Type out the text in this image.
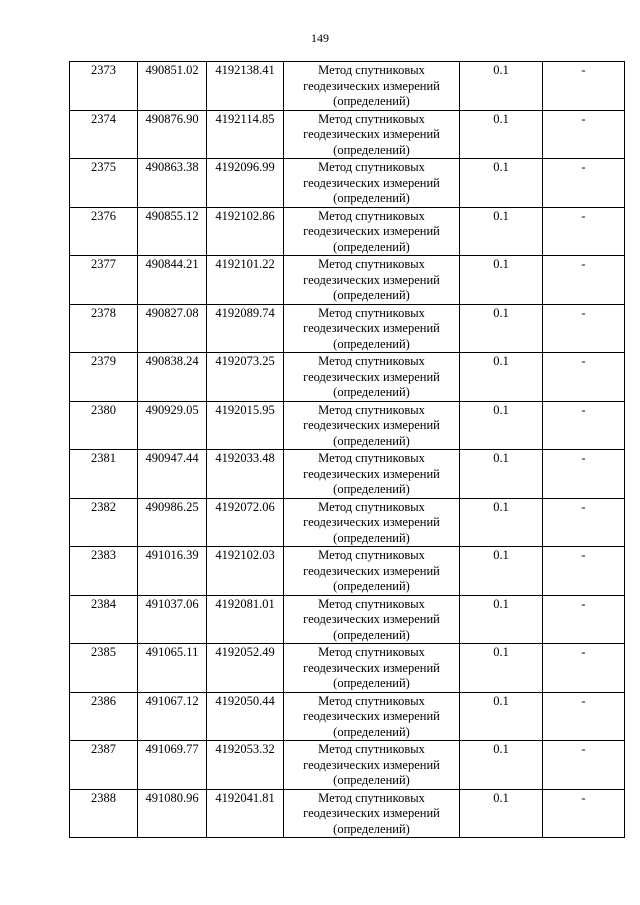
149
2373	490851.02	4192138.41	Метод спутниковых геодезических измерений (определений)	0.1	-

2374	490876.90	4192114.85	Метод спутниковых геодезических измерений (определений)	0.1	-

2375	490863.38	4192096.99	Метод спутниковых геодезических измерений (определений)	0.1	-

2376	490855.12	4192102.86	Метод спутниковых геодезических измерений (определений)	0.1	-

2377	490844.21	4192101.22	Метод спутниковых геодезических измерений (определений)	0.1	-

2378	490827.08	4192089.74	Метод спутниковых геодезических измерений (определений)	0.1	-

2379	490838.24	4192073.25	Метод спутниковых геодезических измерений (определений)	0.1	-

2380	490929.05	4192015.95	Метод спутниковых геодезических измерений (определений)	0.1	-

2381	490947.44	4192033.48	Метод спутниковых геодезических измерений (определений)	0.1	-

2382	490986.25	4192072.06	Метод спутниковых геодезических измерений (определений)	0.1	-

2383	491016.39	4192102.03	Метод спутниковых геодезических измерений (определений)	0.1	-

2384	491037.06	4192081.01	Метод спутниковых геодезических измерений (определений)	0.1	-

2385	491065.11	4192052.49	Метод спутниковых геодезических измерений (определений)	0.1	-

2386	491067.12	4192050.44	Метод спутниковых геодезических измерений (определений)	0.1	-

2387	491069.77	4192053.32	Метод спутниковых геодезических измерений (определений)	0.1	-

2388	491080.96	4192041.81	Метод спутниковых геодезических измерений (определений)	0.1	-
